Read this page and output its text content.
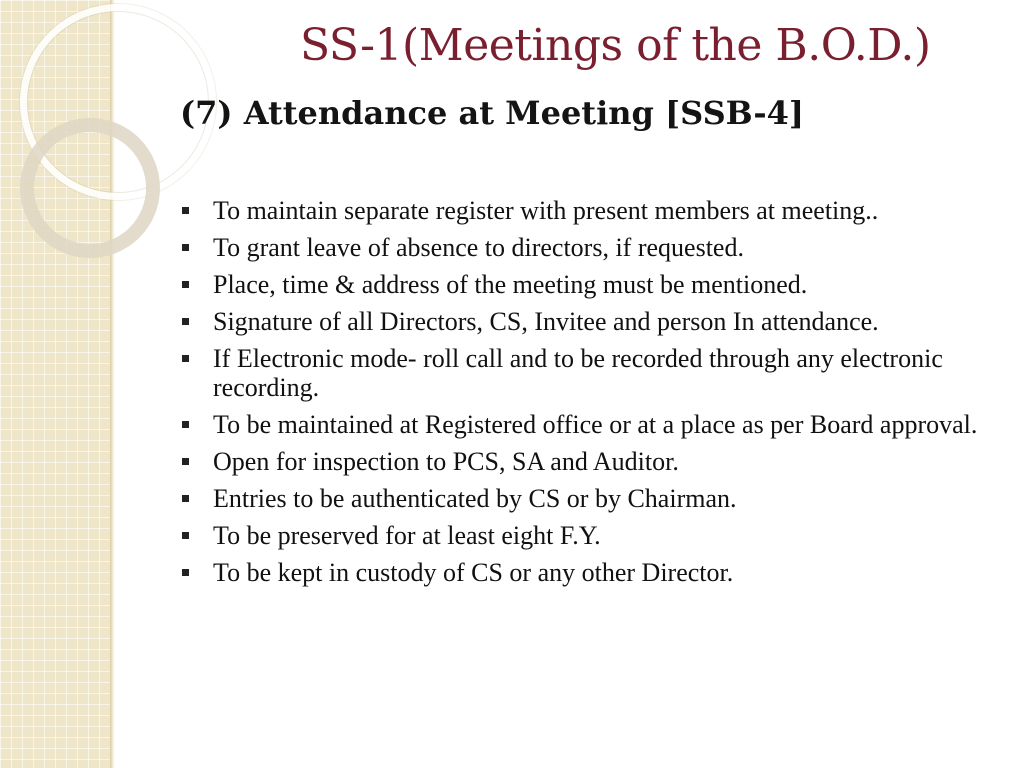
SS-1(Meetings of the B.O.D.)
(7) Attendance at Meeting [SSB-4]
To maintain separate register with present members at meeting..
To grant leave of absence to directors, if requested.
Place, time & address of the meeting must be mentioned.
Signature of all Directors, CS, Invitee and person In attendance.
If Electronic mode- roll call and to be recorded through any electronic recording.
To be maintained at Registered office or at a place as per Board approval.
Open for inspection to PCS, SA and Auditor.
Entries to be authenticated by CS or by Chairman.
To be preserved for at least eight F.Y.
To be kept in custody of CS or any other Director.
